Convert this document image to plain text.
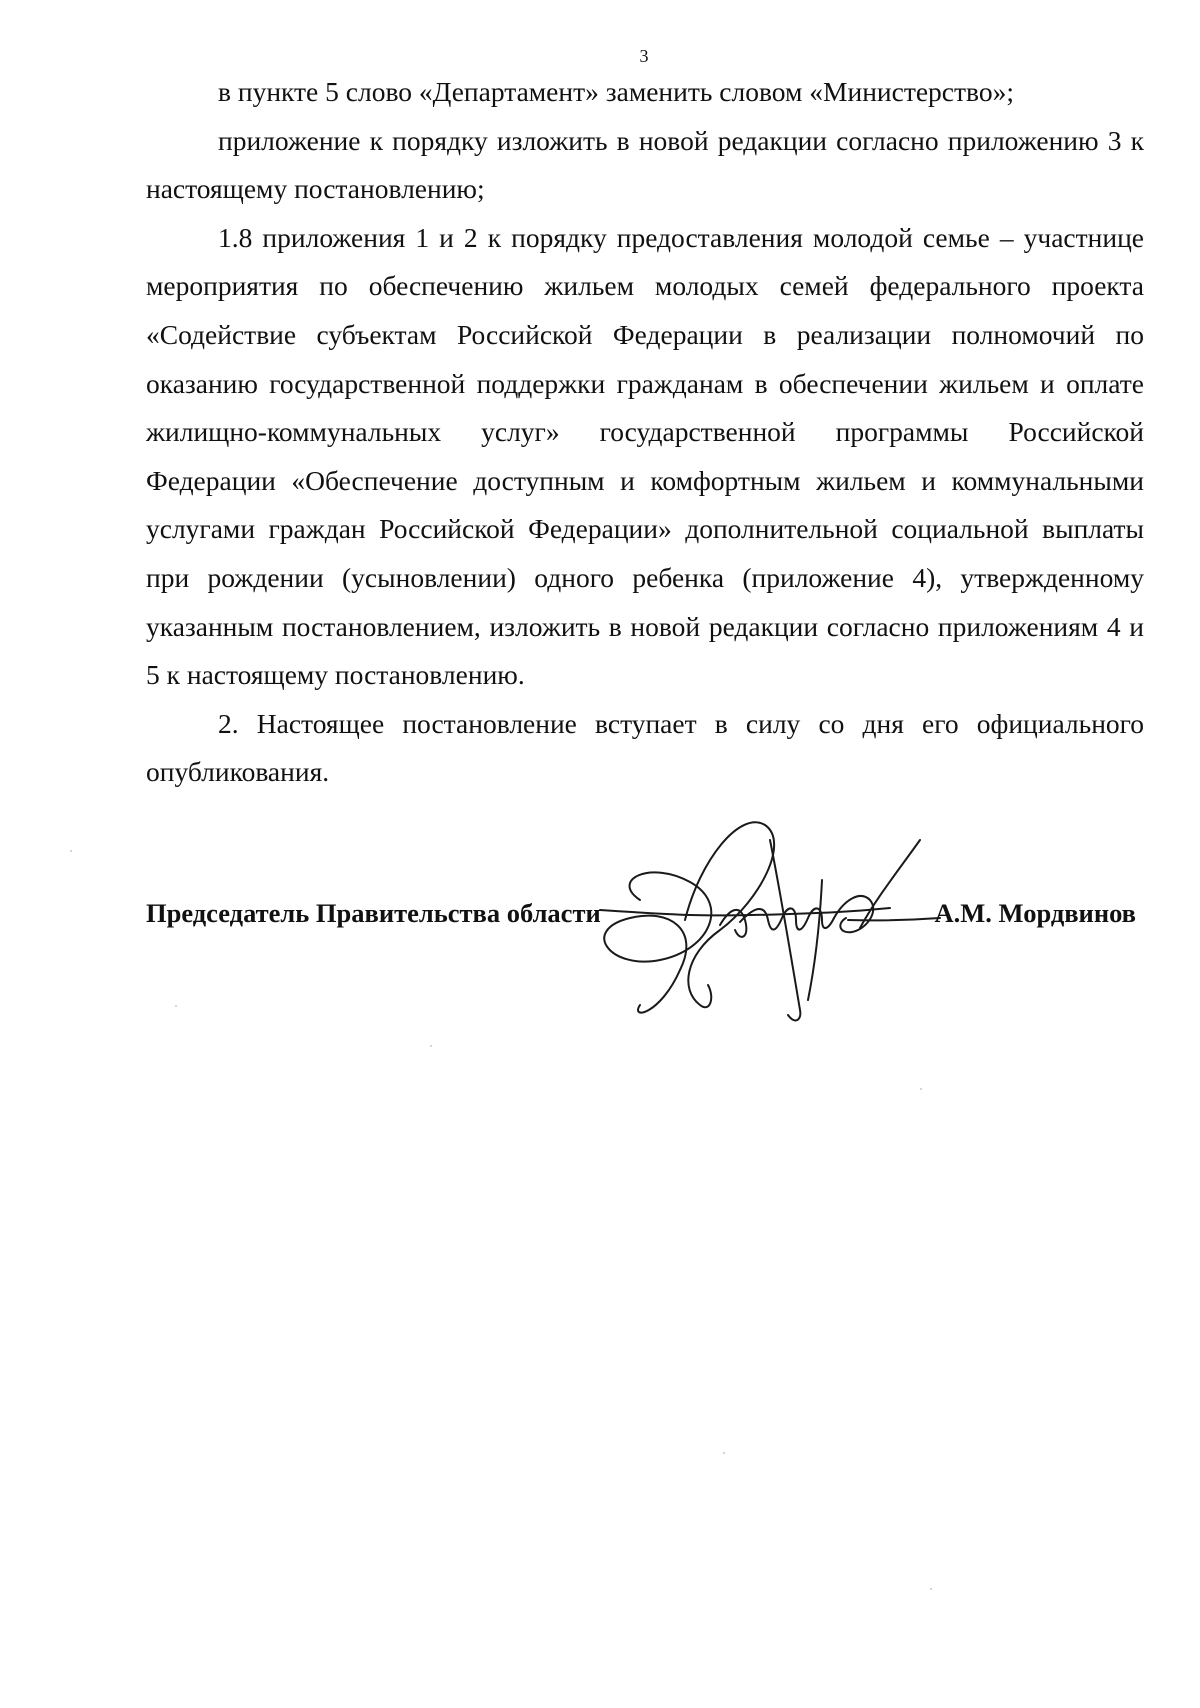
3

в пункте 5 слово «Департамент» заменить словом «Министерство»;

приложение к порядку изложить в новой редакции согласно приложению 3 к настоящему постановлению;

1.8 приложения 1 и 2 к порядку предоставления молодой семье – участнице мероприятия по обеспечению жильем молодых семей федерального проекта «Содействие субъектам Российской Федерации в реализации полномочий по оказанию государственной поддержки гражданам в обеспечении жильем и оплате жилищно-коммунальных услуг» государственной программы Российской Федерации «Обеспечение доступным и комфортным жильем и коммунальными услугами граждан Российской Федерации» дополнительной социальной выплаты при рождении (усыновлении) одного ребенка (приложение 4), утвержденному указанным постановлением, изложить в новой редакции согласно приложениям 4 и 5 к настоящему постановлению.

2. Настоящее постановление вступает в силу со дня его официального опубликования.

Председатель Правительства области	А.М. Мордвинов
